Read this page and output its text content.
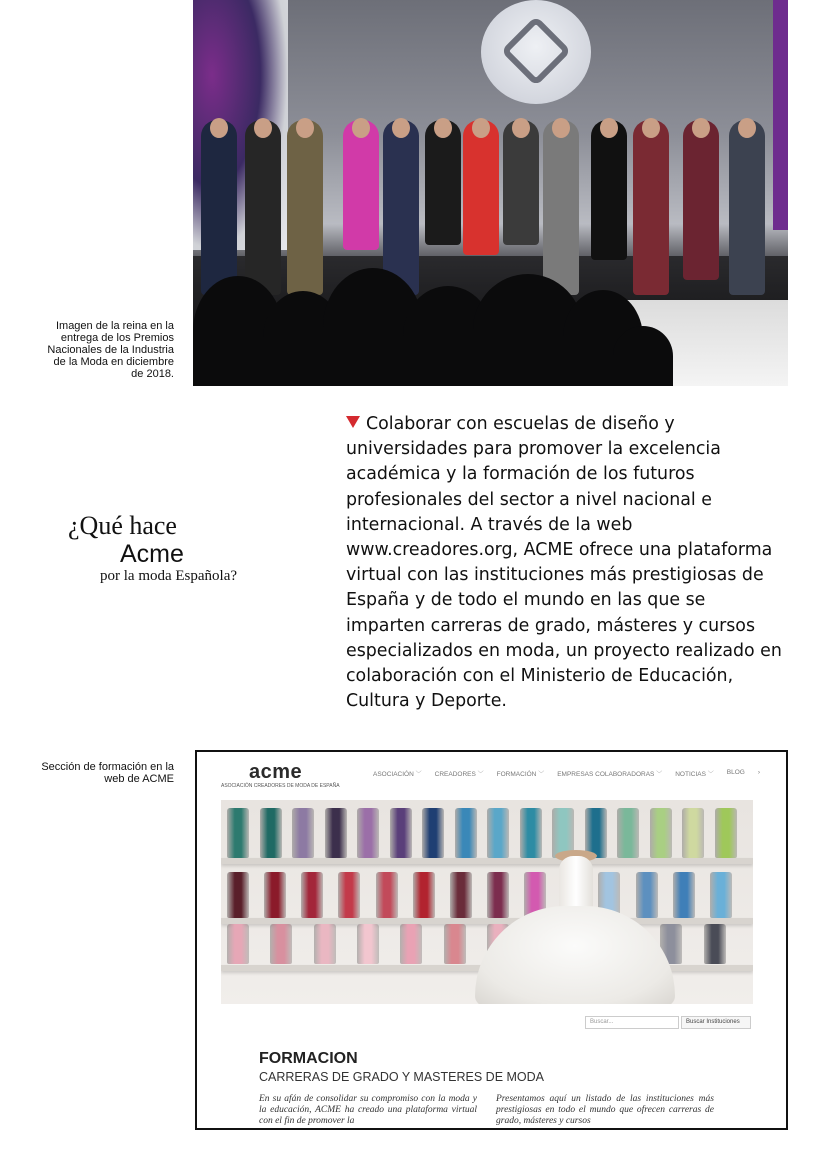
Imagen de la reina en la entrega de los Premios Nacionales de la Industria de la Moda en diciembre de 2018.
¿Qué hace
Acme
por la moda Española?
Colaborar con escuelas de diseño y universidades para promover la excelencia académica y la formación de los futuros profesionales del sector a nivel nacional e internacional. A través de la web www.creadores.org, ACME ofrece una plataforma virtual con las instituciones más prestigiosas de España y de todo el mundo en las que se imparten carreras de grado, másteres y cursos especializados en moda, un proyecto realizado en colaboración con el Ministerio de Educación, Cultura y Deporte.
Sección de formación en la web de ACME	acme
ASOCIACIÓN CREADORES DE MODA DE ESPAÑA
ASOCIACIÓN ﹀ CREADORES ﹀ FORMACIÓN ﹀ EMPRESAS COLABORADORAS ﹀ NOTICIAS ﹀ BLOG ›
Buscar...	Buscar Instituciones
FORMACION
CARRERAS DE GRADO Y MASTERES DE MODA
En su afán de consolidar su compromiso con la moda y la educación, ACME ha creado una plataforma virtual con el fin de promover la
Presentamos aquí un listado de las instituciones más prestigiosas en todo el mundo que ofrecen carreras de grado, másteres y cursos
